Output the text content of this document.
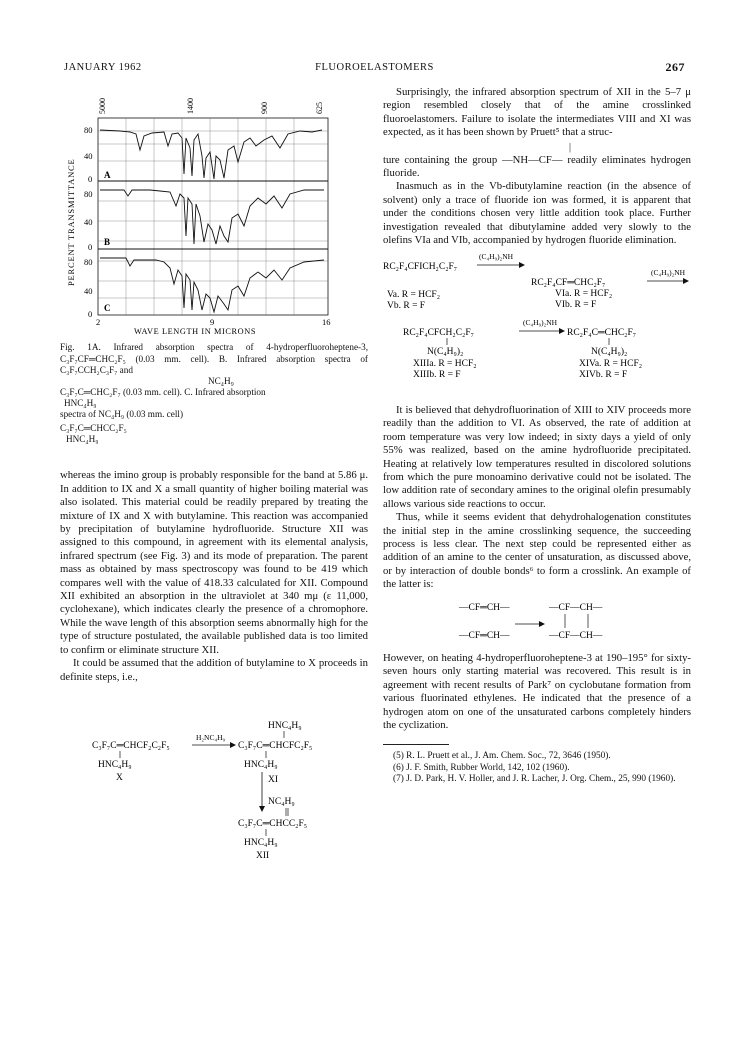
JANUARY 1962	FLUOROELASTOMERS	267
5000	1400	900	625
PERCENT TRANSMITTANCE
80
40
0
80
40
0
80
40
0
A
B
C
2	9	16
WAVE LENGTH IN MICRONS

Fig. 1A. Infrared absorption spectra of 4-hydroperfluoroheptene-3, C₃F₇CF═CHC₂F₅ (0.03 mm. cell). B. Infrared absorption spectra of C₃F₇CCH₂C₃F₇ and

NC₄H₉

C₃F₇C═CHC₂F₇ (0.03 mm. cell). C. Infrared absorption

HNC₄H₉

spectra of NC₄H₉ (0.03 mm. cell)

C₃F₇C═CHCC₂F₅
HNC₄H₉

whereas the imino group is probably responsible for the band at 5.86 μ. In addition to IX and X a small quantity of higher boiling material was also isolated. This material could be readily prepared by treating the mixture of IX and X with butylamine. This reaction was accompanied by precipitation of butylamine hydrofluoride. Structure XII was assigned to this compound, in agreement with its elemental analysis, infrared spectrum (see Fig. 3) and its mode of preparation. The parent mass as obtained by mass spectroscopy was found to be 419 which compares well with the value of 418.33 calculated for XII. Compound XII exhibited an absorption in the ultraviolet at 340 mμ (ε 11,000, cyclohexane), which indicates clearly the presence of a chromophore. While the wave length of this absorption seems abnormally high for the type of structure postulated, the available published data is too limited to confirm or eliminate structure XII.

It could be assumed that the addition of butylamine to X proceeds in definite steps, i.e.,

HNC₄H₉
C₃F₇C═CHCF₂C₂F₅
H₂NC₄H₉
C₃F₇C═CHCFC₂F₅
HNC₄H₉	HNC₄H₉
X	XI
NC₄H₉
C₃F₇C═CHCC₂F₅
HNC₄H₉
XII

Surprisingly, the infrared absorption spectrum of XII in the 5–7 μ region resembled closely that of the amine crosslinked fluoroelastomers. Failure to isolate the intermediates VIII and XI was expected, as it has been shown by Pruett⁵ that a struc-

|

ture containing the group —NH—CF— readily eliminates hydrogen fluoride.

Inasmuch as in the Vb-dibutylamine reaction (in the absence of solvent) only a trace of fluoride ion was formed, it is apparent that under the conditions chosen very little addition took place. Further investigation revealed that dibutylamine added very slowly to the olefins VIa and VIb, accompanied by hydrogen fluoride elimination.

RC₂F₄CFICH₂C₂F₇
(C₄H₉)₂NH
RC₂F₄CF═CHC₂F₇
(C₄H₉)₂NH
Va. R = HCF₂
Vb. R = F
VIa. R = HCF₂
VIb. R = F
(C₄H₉)₂NH
RC₂F₄CFCH₂C₂F₇	RC₂F₄C═CHC₂F₇
N(C₄H₉)₂	N(C₄H₉)₂
XIIIa. R = HCF₂
XIIIb. R = F
XIVa. R = HCF₂
XIVb. R = F

It is believed that dehydrofluorination of XIII to XIV proceeds more readily than the addition to VI. As observed, the rate of addition at room temperature was very low indeed; in sixty days a yield of only 55% was realized, based on the amine hydrofluoride precipitated. Heating at relatively low temperatures resulted in discolored solutions from which the pure monoamino derivative could not be isolated. The low addition rate of secondary amines to the original olefin presumably allows various side reactions to occur.

Thus, while it seems evident that dehydrohalogenation constitutes the initial step in the amine crosslinking sequence, the succeeding process is less clear. The next step could be represented either as addition of an amine to the center of unsaturation, as discussed above, or by interaction of double bonds⁶ to form a crosslink. An example of the latter is:

—CF═CH—
—CF═CH—
—CF—CH—
—CF—CH—

However, on heating 4-hydroperfluoroheptene-3 at 190–195° for sixty-seven hours only starting material was recovered. This result is in agreement with recent results of Park⁷ on cyclobutane formation from various fluorinated ethylenes. He indicated that the presence of a hydrogen atom on one of the unsaturated carbons completely hinders the cyclization.

(5) R. L. Pruett et al., J. Am. Chem. Soc., 72, 3646 (1950).

(6) J. F. Smith, Rubber World, 142, 102 (1960).

(7) J. D. Park, H. V. Holler, and J. R. Lacher, J. Org. Chem., 25, 990 (1960).
